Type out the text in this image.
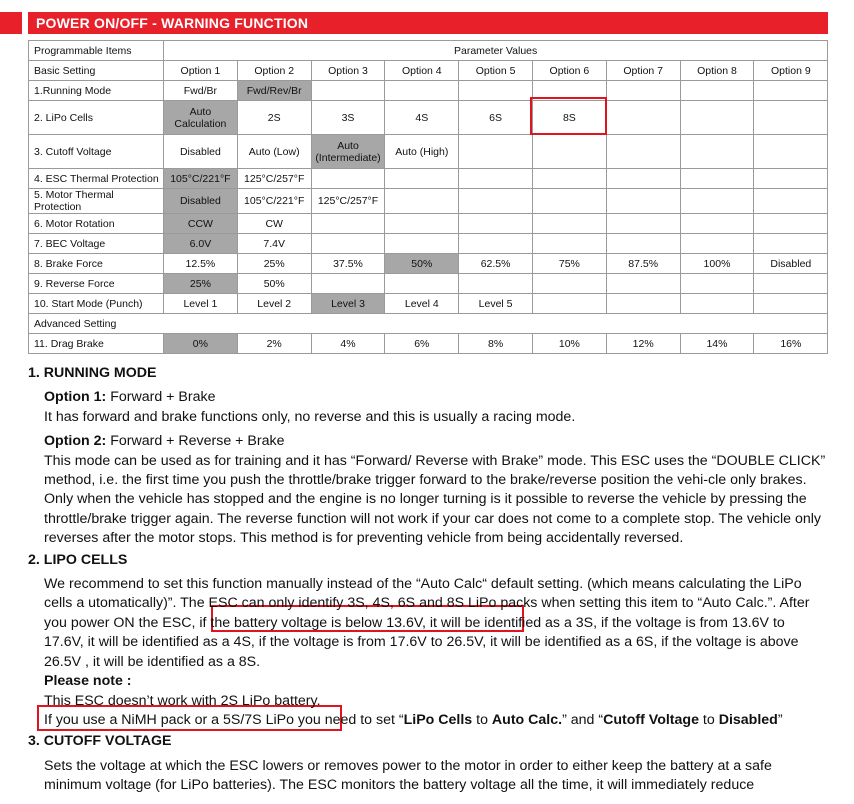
POWER ON/OFF - WARNING FUNCTION
Programmable Items	Parameter Values								
Basic Setting	Option 1	Option 2	Option 3	Option 4	Option 5	Option 6	Option 7	Option 8	Option 9
1.Running Mode	Fwd/Br	Fwd/Rev/Br							
2. LiPo Cells	Auto Calculation	2S	3S	4S	6S	8S			
3. Cutoff Voltage	Disabled	Auto (Low)	Auto (Intermediate)	Auto (High)					
4. ESC Thermal Protection	105°C/221°F	125°C/257°F							
5. Motor Thermal Protection	Disabled	105°C/221°F	125°C/257°F						
6. Motor Rotation	CCW	CW							
7. BEC Voltage	6.0V	7.4V							
8. Brake Force	12.5%	25%	37.5%	50%	62.5%	75%	87.5%	100%	Disabled
9. Reverse Force	25%	50%							
10. Start Mode (Punch)	Level 1	Level 2	Level 3	Level 4	Level 5				
Advanced Setting									
11. Drag Brake	0%	2%	4%	6%	8%	10%	12%	14%	16%

1. RUNNING MODE

Option 1: Forward + Brake

It has forward and brake functions only, no reverse and this is usually a racing mode.

Option 2: Forward + Reverse + Brake

This mode can be used as for training and it has “Forward/ Reverse with Brake” mode. This ESC uses the “DOUBLE CLICK” method, i.e. the first time you push the throttle/brake trigger forward to the brake/reverse position the vehi-cle only brakes. Only when the vehicle has stopped and the engine is no longer turning is it possible to reverse the vehicle by pressing the throttle/brake trigger again. The reverse function will not work if your car does not come to a complete stop. The vehicle only reverses after the motor stops. This method is for preventing vehicle from being accidentally reversed.

2. LIPO CELLS

We recommend to set this function manually instead of the “Auto Calc“ default setting. (which means calculating the LiPo cells a utomatically)”. The ESC can only identify 3S, 4S, 6S and 8S LiPo packs when setting this item to “Auto Calc.”. After you power ON the ESC, if the battery voltage is below 13.6V, it will be identified as a 3S, if the voltage is from 13.6V to 17.6V, it will be identified as a 4S, if the voltage is from 17.6V to 26.5V, it will be identified as a 6S, if the voltage is above 26.5V , it will be identified as a 8S.

Please note :

This ESC doesn’t work with 2S LiPo battery.

If you use a NiMH pack or a 5S/7S LiPo you need to set “LiPo Cells to Auto Calc.” and “Cutoff Voltage to Disabled”

3. CUTOFF VOLTAGE

Sets the voltage at which the ESC lowers or removes power to the motor in order to either keep the battery at a safe minimum voltage (for LiPo batteries). The ESC monitors the battery voltage all the time, it will immediately reduce
